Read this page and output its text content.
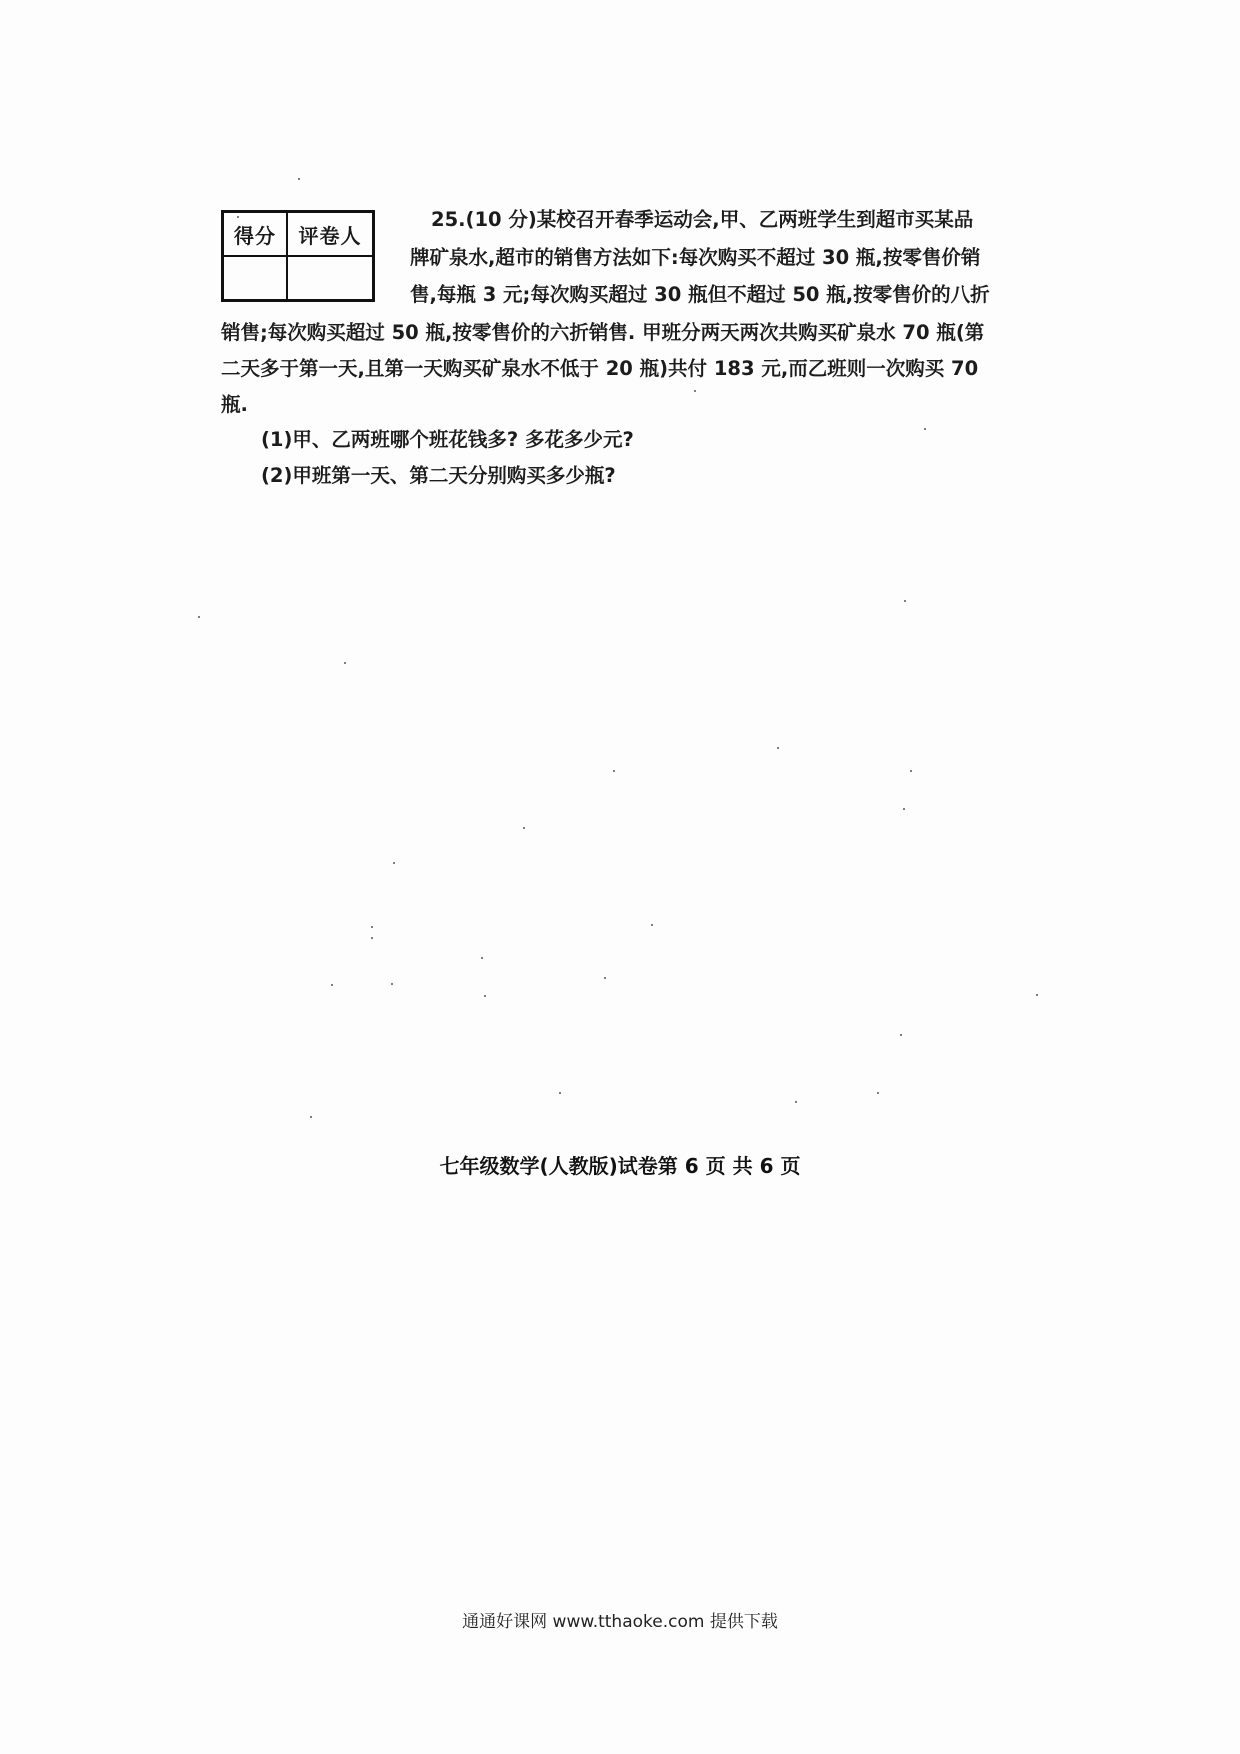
得分	评卷人
25.(10 分)某校召开春季运动会,甲、乙两班学生到超市买某品
牌矿泉水,超市的销售方法如下:每次购买不超过 30 瓶,按零售价销
售,每瓶 3 元;每次购买超过 30 瓶但不超过 50 瓶,按零售价的八折
销售;每次购买超过 50 瓶,按零售价的六折销售. 甲班分两天两次共购买矿泉水 70 瓶(第
二天多于第一天,且第一天购买矿泉水不低于 20 瓶)共付 183 元,而乙班则一次购买 70
瓶.
(1)甲、乙两班哪个班花钱多? 多花多少元?
(2)甲班第一天、第二天分别购买多少瓶?
七年级数学(人教版)试卷第 6 页 共 6 页
通通好课网 www.tthaoke.com 提供下载
